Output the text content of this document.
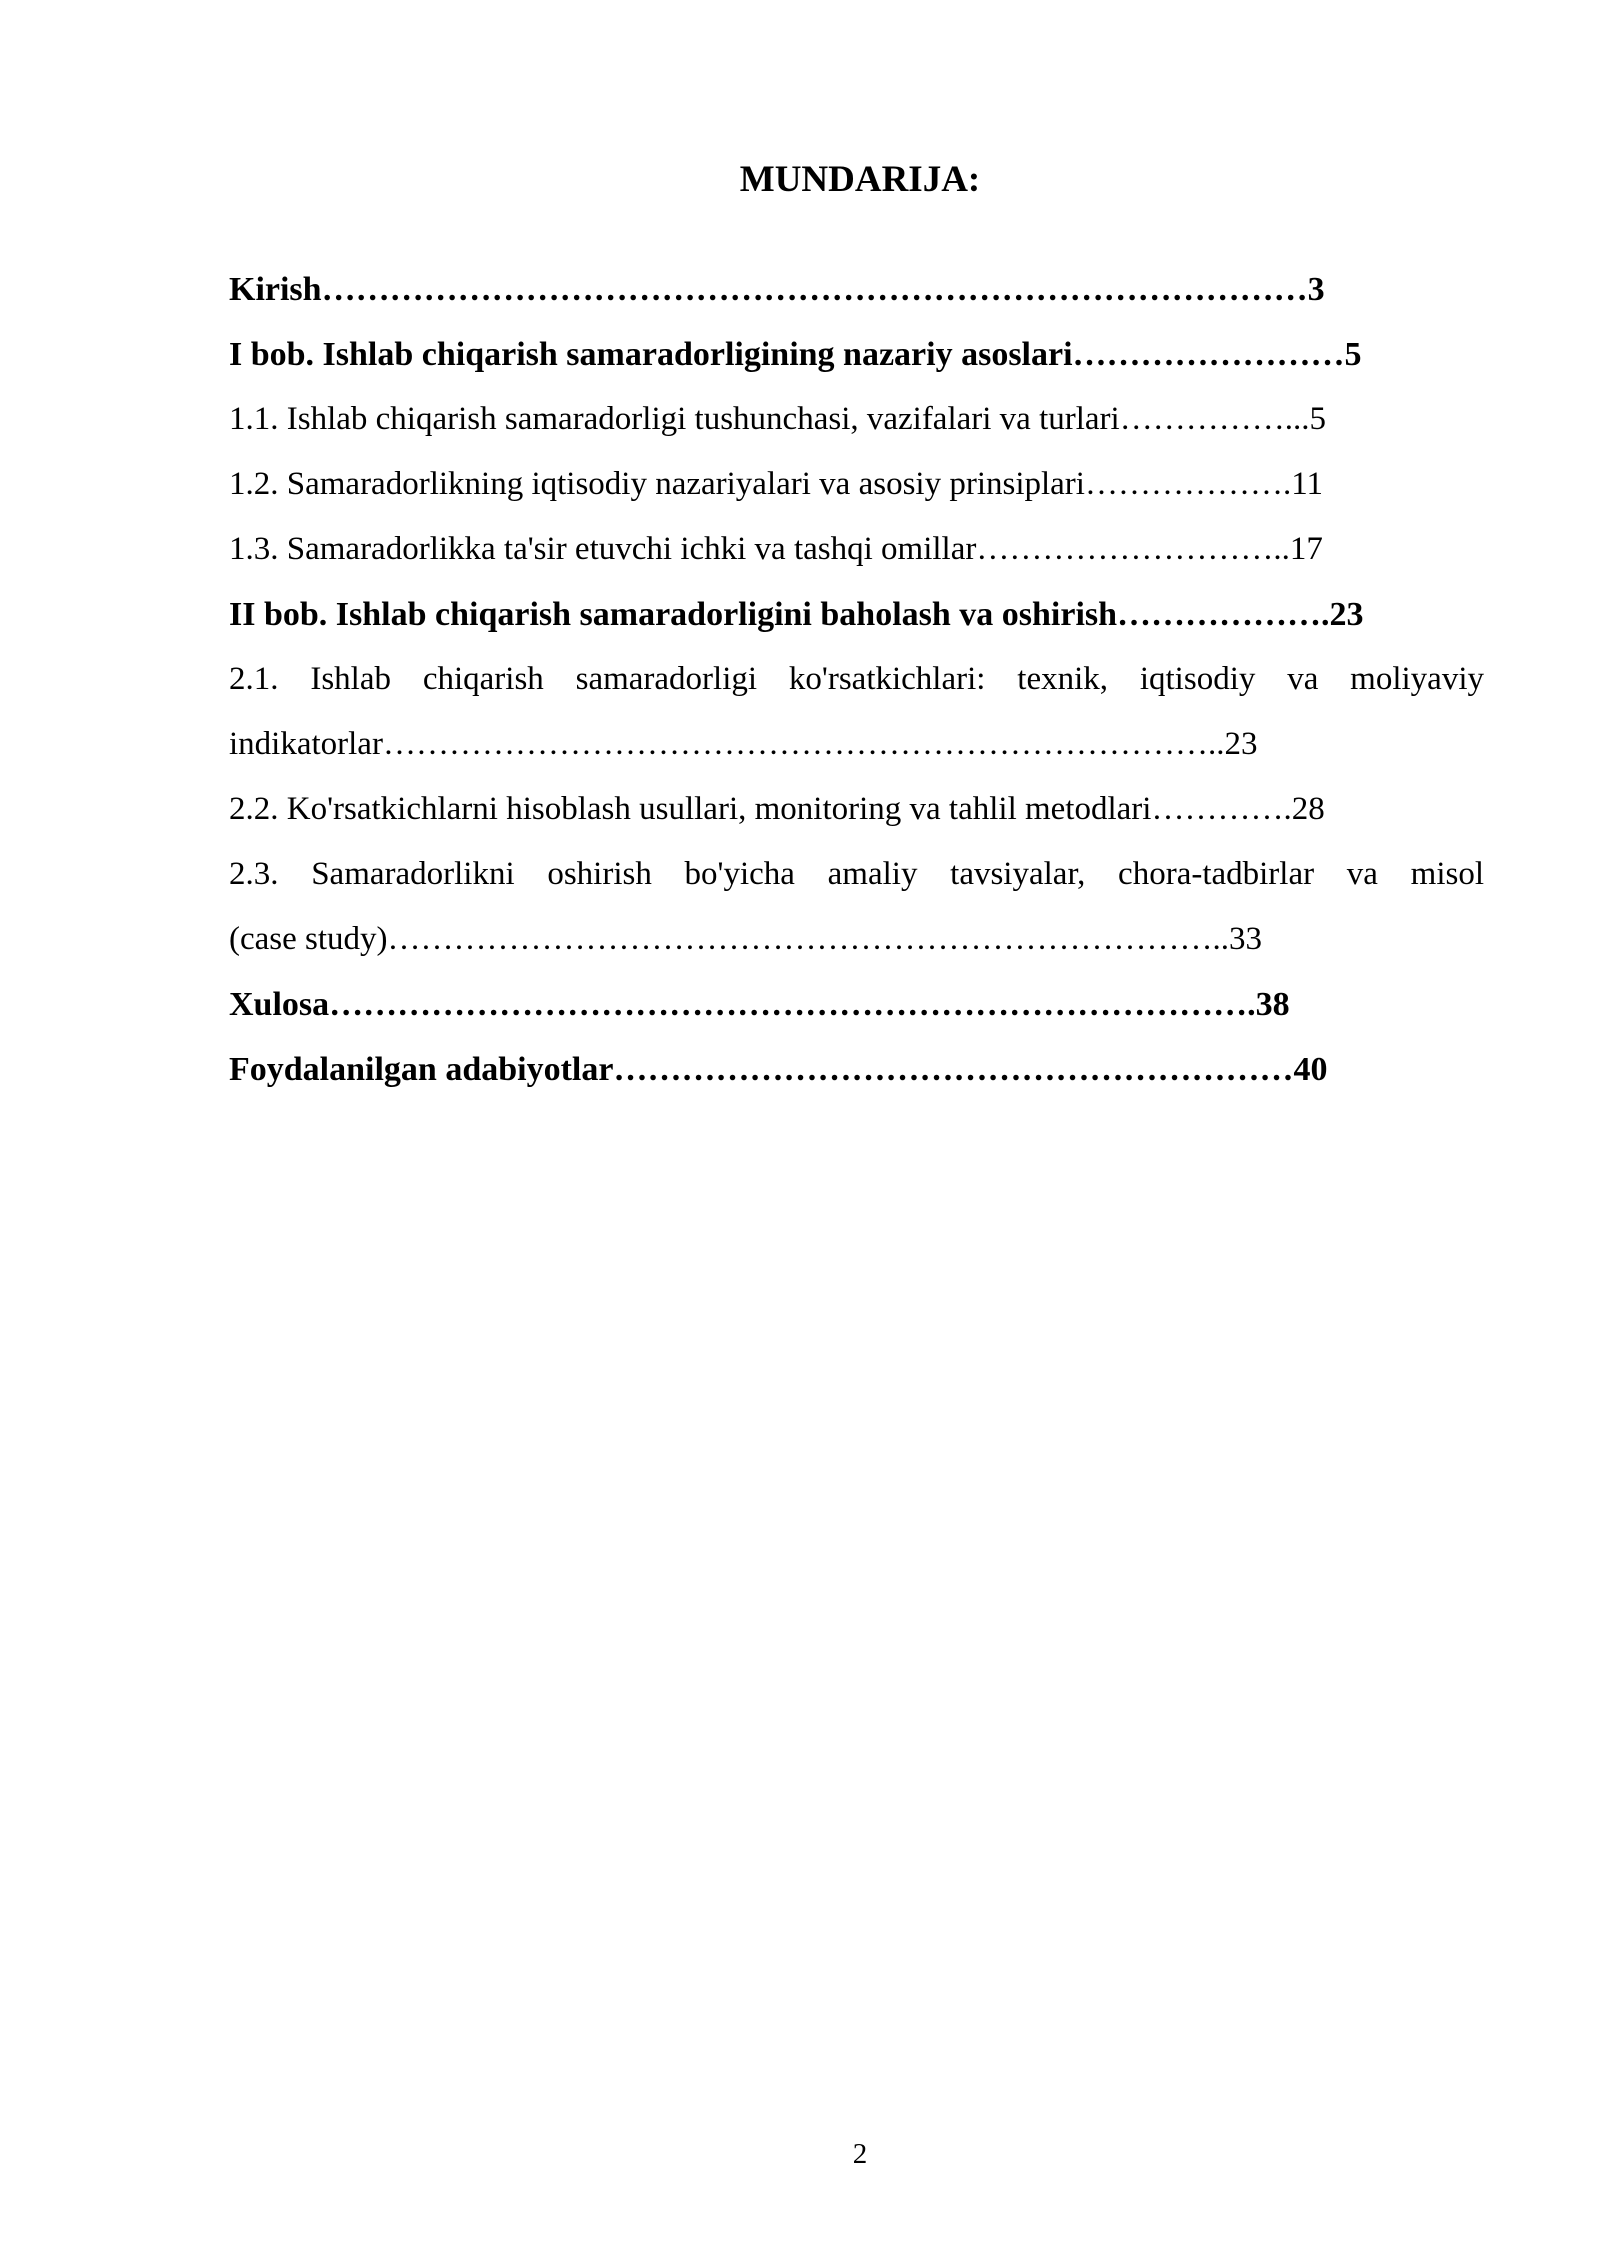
MUNDARIJA:
Kirish……………………………………………………………………………3
I bob. Ishlab chiqarish samaradorligining nazariy asoslari……………………5
1.1. Ishlab chiqarish samaradorligi tushunchasi, vazifalari va turlari……………...5
1.2. Samaradorlikning iqtisodiy nazariyalari va asosiy prinsiplari……………….11
1.3. Samaradorlikka ta'sir etuvchi ichki va tashqi omillar………………………..17
II bob. Ishlab chiqarish samaradorligini baholash va oshirish……………….23
2.1. Ishlab chiqarish samaradorligi ko'rsatkichlari: texnik, iqtisodiy va moliyaviy
indikatorlar…………………………………………………………………..23
2.2. Ko'rsatkichlarni hisoblash usullari, monitoring va tahlil metodlari………….28
2.3. Samaradorlikni oshirish bo'yicha amaliy tavsiyalar, chora-tadbirlar va misol
(case study)…………………………………………………………………..33
Xulosa……………………………………………………………………….38
Foydalanilgan adabiyotlar……………………………………………………40
2
